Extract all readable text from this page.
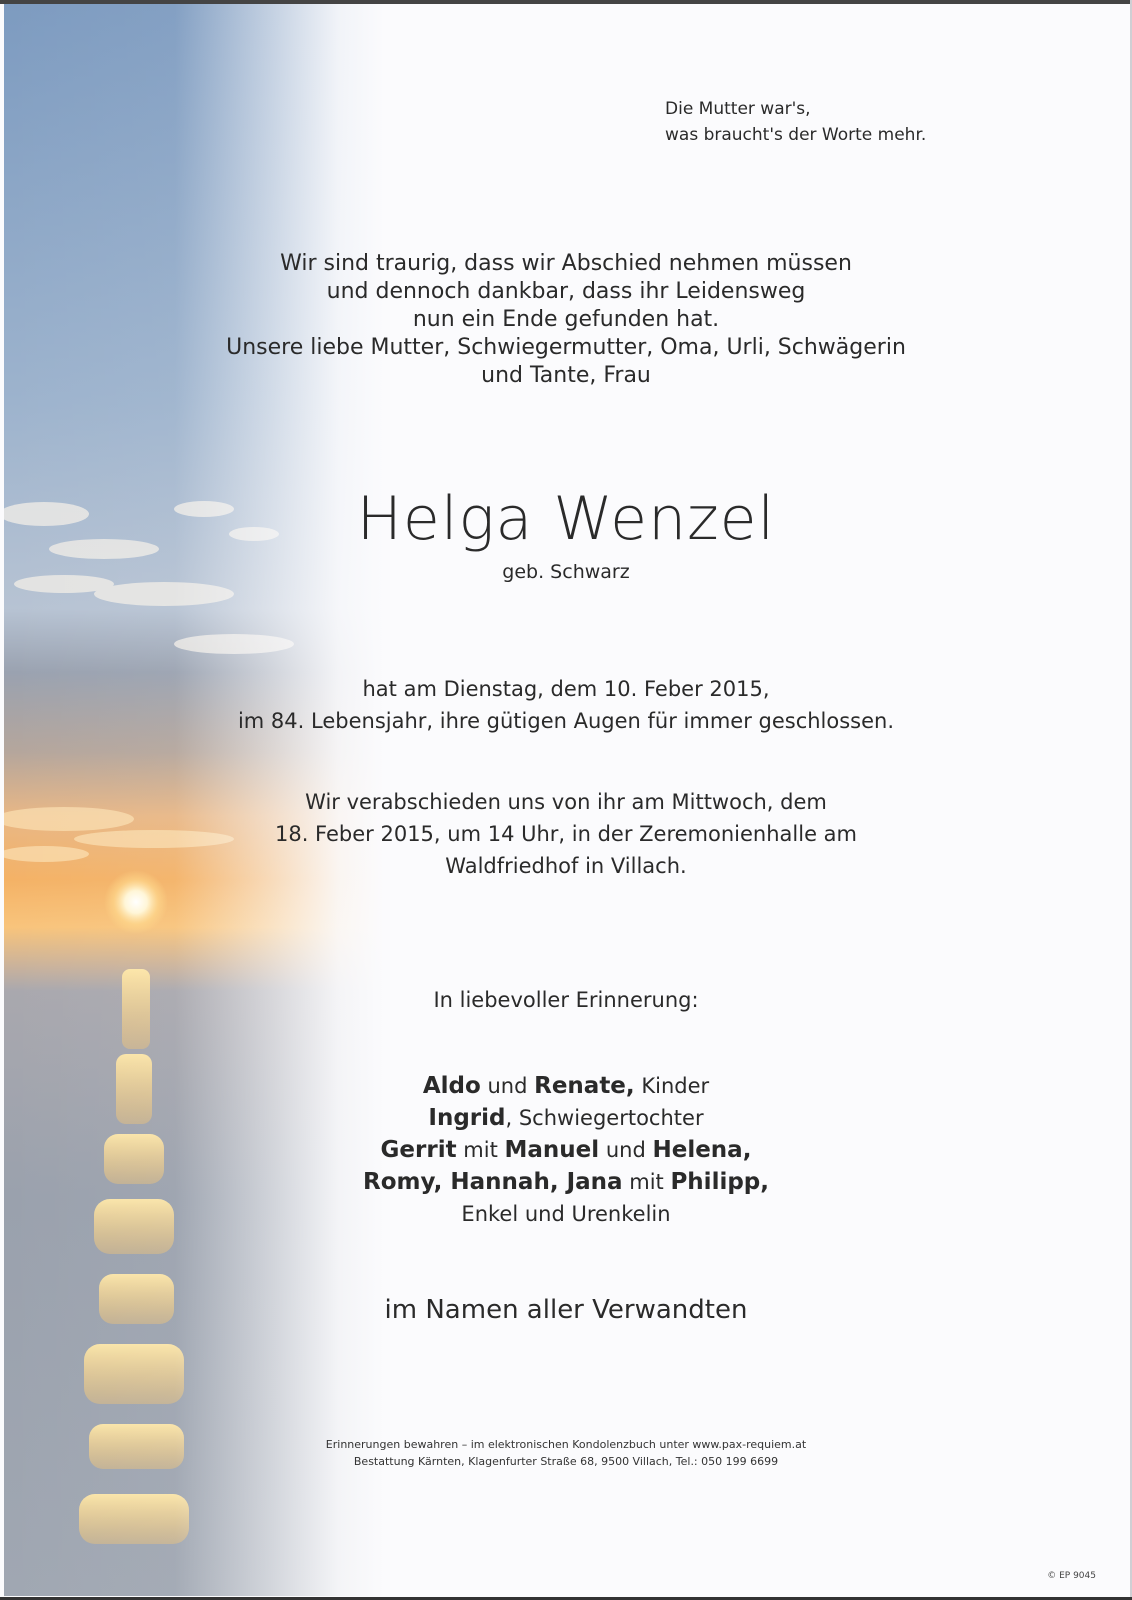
Die Mutter war's,

was braucht's der Worte mehr.

Wir sind traurig, dass wir Abschied nehmen müssen

und dennoch dankbar, dass ihr Leidensweg

nun ein Ende gefunden hat.

Unsere liebe Mutter, Schwiegermutter, Oma, Urli, Schwägerin

und Tante, Frau

Helga Wenzel
geb. Schwarz

hat am Dienstag, dem 10. Feber 2015,

im 84. Lebensjahr, ihre gütigen Augen für immer geschlossen.

Wir verabschieden uns von ihr am Mittwoch, dem

18. Feber 2015, um 14 Uhr, in der Zeremonienhalle am

Waldfriedhof in Villach.

In liebevoller Erinnerung:

Aldo und Renate, Kinder

Ingrid, Schwiegertochter

Gerrit mit Manuel und Helena,

Romy, Hannah, Jana mit Philipp,

Enkel und Urenkelin

im Namen aller Verwandten

Erinnerungen bewahren – im elektronischen Kondolenzbuch unter www.pax-requiem.at

Bestattung Kärnten, Klagenfurter Straße 68, 9500 Villach, Tel.: 050 199 6699

© EP 9045
